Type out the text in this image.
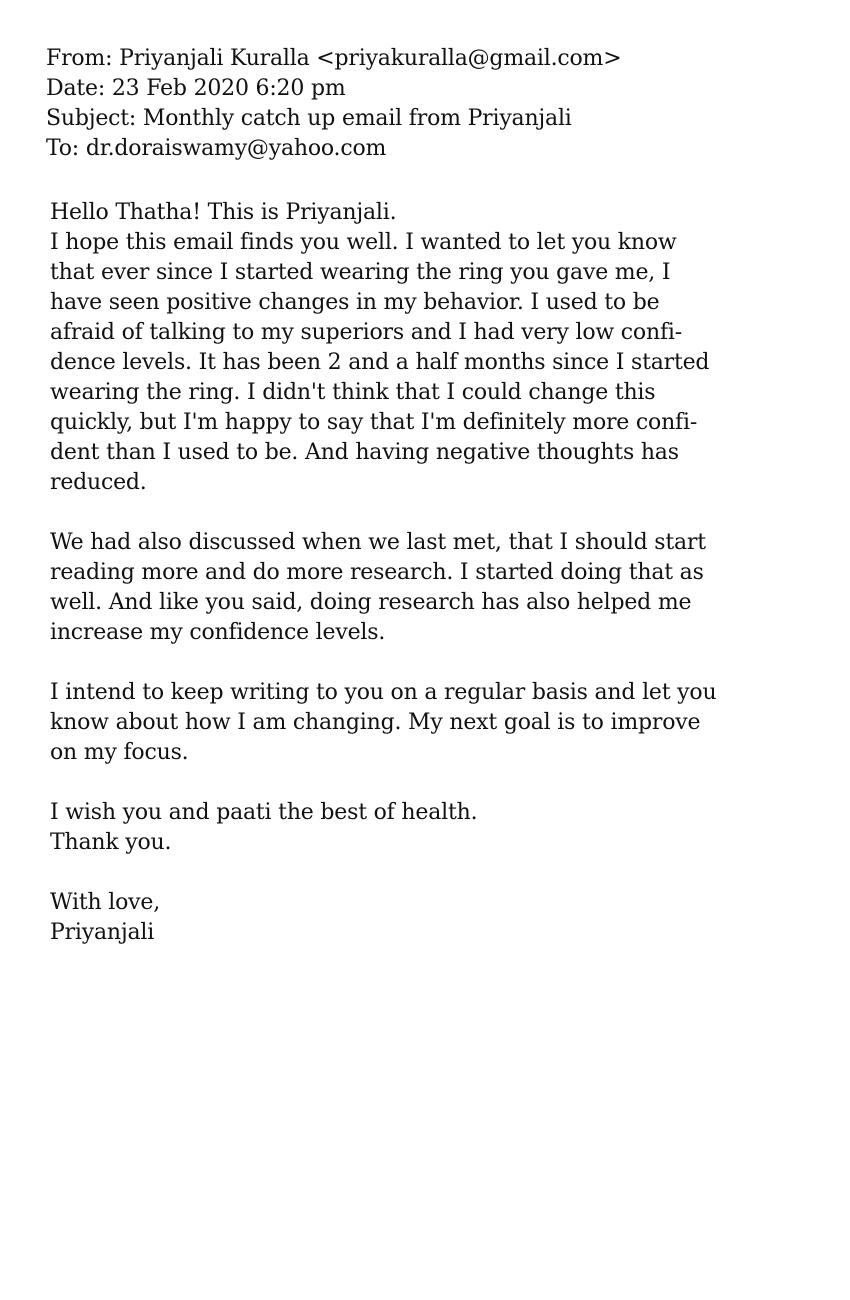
From: Priyanjali Kuralla <priyakuralla@gmail.com>
Date: 23 Feb 2020 6:20 pm
Subject: Monthly catch up email from Priyanjali
To: dr.doraiswamy@yahoo.com
Hello Thatha! This is Priyanjali.
I hope this email finds you well. I wanted to let you know
that ever since I started wearing the ring you gave me, I
have seen positive changes in my behavior. I used to be
afraid of talking to my superiors and I had very low confi-
dence levels. It has been 2 and a half months since I started
wearing the ring. I didn't think that I could change this
quickly, but I'm happy to say that I'm definitely more confi-
dent than I used to be. And having negative thoughts has
reduced.
We had also discussed when we last met, that I should start
reading more and do more research. I started doing that as
well. And like you said, doing research has also helped me
increase my confidence levels.
I intend to keep writing to you on a regular basis and let you
know about how I am changing. My next goal is to improve
on my focus.
I wish you and paati the best of health.
Thank you.
With love,
Priyanjali
